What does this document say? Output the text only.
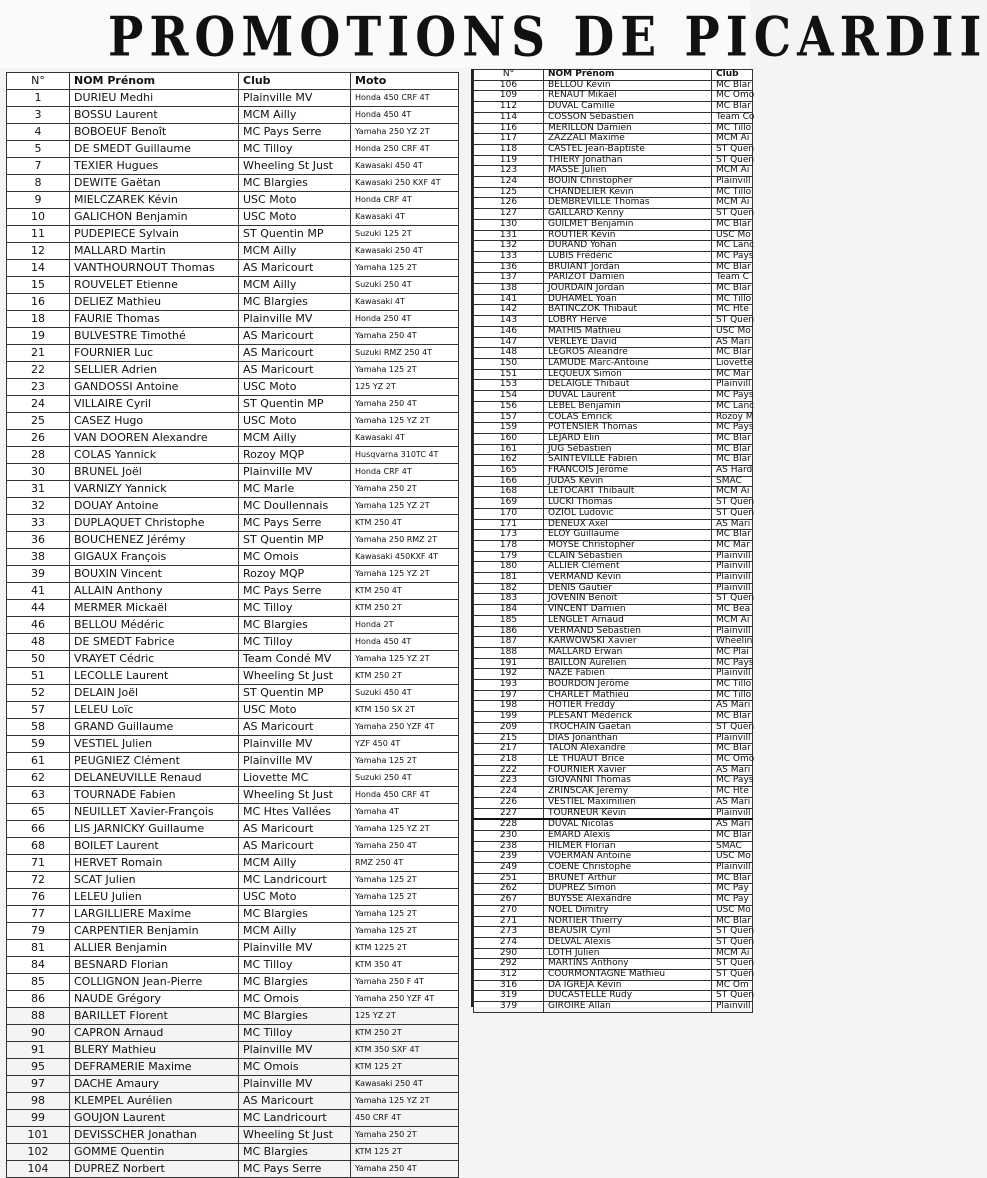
PROMOTIONS DE PICARDII
N°	NOM Prénom	Club	Moto
1	DURIEU Medhi	Plainville MV	Honda 450 CRF 4T
3	BOSSU Laurent	MCM Ailly	Honda 450 4T
4	BOBOEUF Benoît	MC Pays Serre	Yamaha 250 YZ 2T
5	DE SMEDT Guillaume	MC Tilloy	Honda 250 CRF 4T
7	TEXIER Hugues	Wheeling St Just	Kawasaki 450 4T
8	DEWITE Gaëtan	MC Blargies	Kawasaki 250 KXF 4T
9	MIELCZAREK Kévin	USC Moto	Honda CRF 4T
10	GALICHON Benjamin	USC Moto	Kawasaki 4T
11	PUDEPIECE Sylvain	ST Quentin MP	Suzuki 125 2T
12	MALLARD Martin	MCM Ailly	Kawasaki 250 4T
14	VANTHOURNOUT Thomas	AS Maricourt	Yamaha 125 2T
15	ROUVELET Etienne	MCM Ailly	Suzuki 250 4T
16	DELIEZ Mathieu	MC Blargies	Kawasaki 4T
18	FAURIE Thomas	Plainville MV	Honda 250 4T
19	BULVESTRE Timothé	AS Maricourt	Yamaha 250 4T
21	FOURNIER Luc	AS Maricourt	Suzuki RMZ 250 4T
22	SELLIER Adrien	AS Maricourt	Yamaha 125 2T
23	GANDOSSI Antoine	USC Moto	125 YZ 2T
24	VILLAIRE Cyril	ST Quentin MP	Yamaha 250 4T
25	CASEZ Hugo	USC Moto	Yamaha 125 YZ 2T
26	VAN DOOREN Alexandre	MCM Ailly	Kawasaki 4T
28	COLAS Yannick	Rozoy MQP	Husqvarna 310TC 4T
30	BRUNEL Joël	Plainville MV	Honda CRF 4T
31	VARNIZY Yannick	MC Marle	Yamaha 250 2T
32	DOUAY Antoine	MC Doullennais	Yamaha 125 YZ 2T
33	DUPLAQUET Christophe	MC Pays Serre	KTM 250 4T
36	BOUCHENEZ Jérémy	ST Quentin MP	Yamaha 250 RMZ 2T
38	GIGAUX François	MC Omois	Kawasaki 450KXF 4T
39	BOUXIN Vincent	Rozoy MQP	Yamaha 125 YZ 2T
41	ALLAIN Anthony	MC Pays Serre	KTM 250 4T
44	MERMER Mickaël	MC Tilloy	KTM 250 2T
46	BELLOU Médéric	MC Blargies	Honda 2T
48	DE SMEDT Fabrice	MC Tilloy	Honda 450 4T
50	VRAYET Cédric	Team Condé MV	Yamaha 125 YZ 2T
51	LECOLLE Laurent	Wheeling St Just	KTM 250 2T
52	DELAIN Joël	ST Quentin MP	Suzuki 450 4T
57	LELEU Loïc	USC Moto	KTM 150 SX 2T
58	GRAND Guillaume	AS Maricourt	Yamaha 250 YZF 4T
59	VESTIEL Julien	Plainville MV	YZF 450 4T
61	PEUGNIEZ Clément	Plainville MV	Yamaha 125 2T
62	DELANEUVILLE Renaud	Liovette MC	Suzuki 250 4T
63	TOURNADE Fabien	Wheeling St Just	Honda 450 CRF 4T
65	NEUILLET Xavier-François	MC Htes Vallées	Yamaha 4T
66	LIS JARNICKY Guillaume	AS Maricourt	Yamaha 125 YZ 2T
68	BOILET Laurent	AS Maricourt	Yamaha 250 4T
71	HERVET Romain	MCM Ailly	RMZ 250 4T
72	SCAT Julien	MC Landricourt	Yamaha 125 2T
76	LELEU Julien	USC Moto	Yamaha 125 2T
77	LARGILLIERE Maxime	MC Blargies	Yamaha 125 2T
79	CARPENTIER Benjamin	MCM Ailly	Yamaha 125 2T
81	ALLIER Benjamin	Plainville MV	KTM 1225 2T
84	BESNARD Florian	MC Tilloy	KTM 350 4T
85	COLLIGNON Jean-Pierre	MC Blargies	Yamaha 250 F 4T
86	NAUDE Grégory	MC Omois	Yamaha 250 YZF 4T
88	BARILLET Florent	MC Blargies	125 YZ 2T
90	CAPRON Arnaud	MC Tilloy	KTM 250 2T
91	BLERY Mathieu	Plainville MV	KTM 350 SXF 4T
95	DEFRAMERIE Maxime	MC Omois	KTM 125 2T
97	DACHE Amaury	Plainville MV	Kawasaki 250 4T
98	KLEMPEL Aurélien	AS Maricourt	Yamaha 125 YZ 2T
99	GOUJON Laurent	MC Landricourt	450 CRF 4T
101	DEVISSCHER Jonathan	Wheeling St Just	Yamaha 250 2T
102	GOMME Quentin	MC Blargies	KTM 125 2T
104	DUPREZ Norbert	MC Pays Serre	Yamaha 250 4T
N°	NOM Prénom	Club
106	BELLOU Kévin	MC Blar
109	RENAUT Mikaël	MC Omo
112	DUVAL Camille	MC Blar
114	COSSON Sébastien	Team Co
116	MERILLON Damien	MC Tillo
117	ZAZZALI Maxime	MCM Ai
118	CASTEL Jean-Baptiste	ST Quen
119	THIERY Jonathan	ST Quen
123	MASSE Julien	MCM Ai
124	BOUIN Christopher	Plainvill
125	CHANDELIER Kévin	MC Tillo
126	DEMBREVILLE Thomas	MCM Ai
127	GAILLARD Kenny	ST Quen
130	GUILMET Benjamin	MC Blar
131	ROUTIER Kévin	USC Mo
132	DURAND Yohan	MC Lanc
133	LUBIS Frédéric	MC Pays
136	BRUIANT Jordan	MC Blar
137	PARIZOT Damien	Team C
138	JOURDAIN Jordan	MC Blar
141	DUHAMEL Yoan	MC Tillo
142	BATINCZOK Thibaut	MC Hte
143	LOBRY Hervé	ST Quen
146	MATHIS Mathieu	USC Mo
147	VERLEYE David	AS Mari
148	LEGROS Aleandre	MC Blar
150	LAMUDE Marc-Antoine	Liovette
151	LEQUEUX Simon	MC Mar
153	DELAIGLE Thibaut	Plainvill
154	DUVAL Laurent	MC Pays
156	LEBEL Benjamin	MC Lanc
157	COLAS Emrick	Rozoy M
159	POTENSIER Thomas	MC Pays
160	LEJARD Elin	MC Blar
161	JUG Sébastien	MC Blar
162	SAINTEVILLE Fabien	MC Blar
165	FRANCOIS Jérôme	AS Hard
166	JUDAS Kévin	SMAC
168	LETOCART Thibault	MCM Ai
169	LUCKI Thomas	ST Quen
170	OZIOL Ludovic	ST Quen
171	DENEUX Axel	AS Mari
173	ELOY Guillaume	MC Blar
178	MOYSE Christopher	MC Mar
179	CLAIN Sébastien	Plainvill
180	ALLIER Clément	Plainvill
181	VERMAND Kévin	Plainvill
182	DENIS Gautier	Plainvill
183	JOVENIN Benoît	ST Quen
184	VINCENT Damien	MC Bea
185	LENGLET Arnaud	MCM Ai
186	VERMAND Sébastien	Plainvill
187	KARWOWSKI Xavier	Wheelin
188	MALLARD Erwan	MC Plai
191	BAILLON Aurélien	MC Pays
192	NAZE Fabien	Plainvill
193	BOURDON Jérôme	MC Tillo
197	CHARLET Mathieu	MC Tillo
198	HOTIER Freddy	AS Mari
199	PLESANT Médérick	MC Blar
209	TROCHAIN Gaëtan	ST Quen
215	DIAS Jonanthan	Plainvill
217	TALON Alexandre	MC Blar
218	LE THUAUT Brice	MC Omo
222	FOURNIER Xavier	AS Mari
223	GIOVANNI Thomas	MC Pays
224	ZRINSCAK Jérémy	MC Hte
226	VESTIEL Maximilien	AS Mari
227	TOURNEUR Kévin	Plainvill
228	DUVAL Nicolas	AS Mari
230	EMARD Alexis	MC Blar
238	HILMER Florian	SMAC
239	VOERMAN Antoine	USC Mo
249	COENE Christophe	Plainvill
251	BRUNET Arthur	MC Blar
262	DUPREZ Simon	MC Pay
267	BUYSSE Alexandre	MC Pay
270	NOEL Dimitry	USC Mo
271	NORTIER Thierry	MC Blar
273	BEAUSIR Cyril	ST Quen
274	DELVAL Alexis	ST Quen
290	LOTH Julien	MCM Ai
292	MARTINS Anthony	ST Quen
312	COURMONTAGNE Mathieu	ST Quen
316	DA IGREJA Kévin	MC Om
319	DUCASTELLE Rudy	ST Quen
379	GIROIRE Allan	Plainvill
